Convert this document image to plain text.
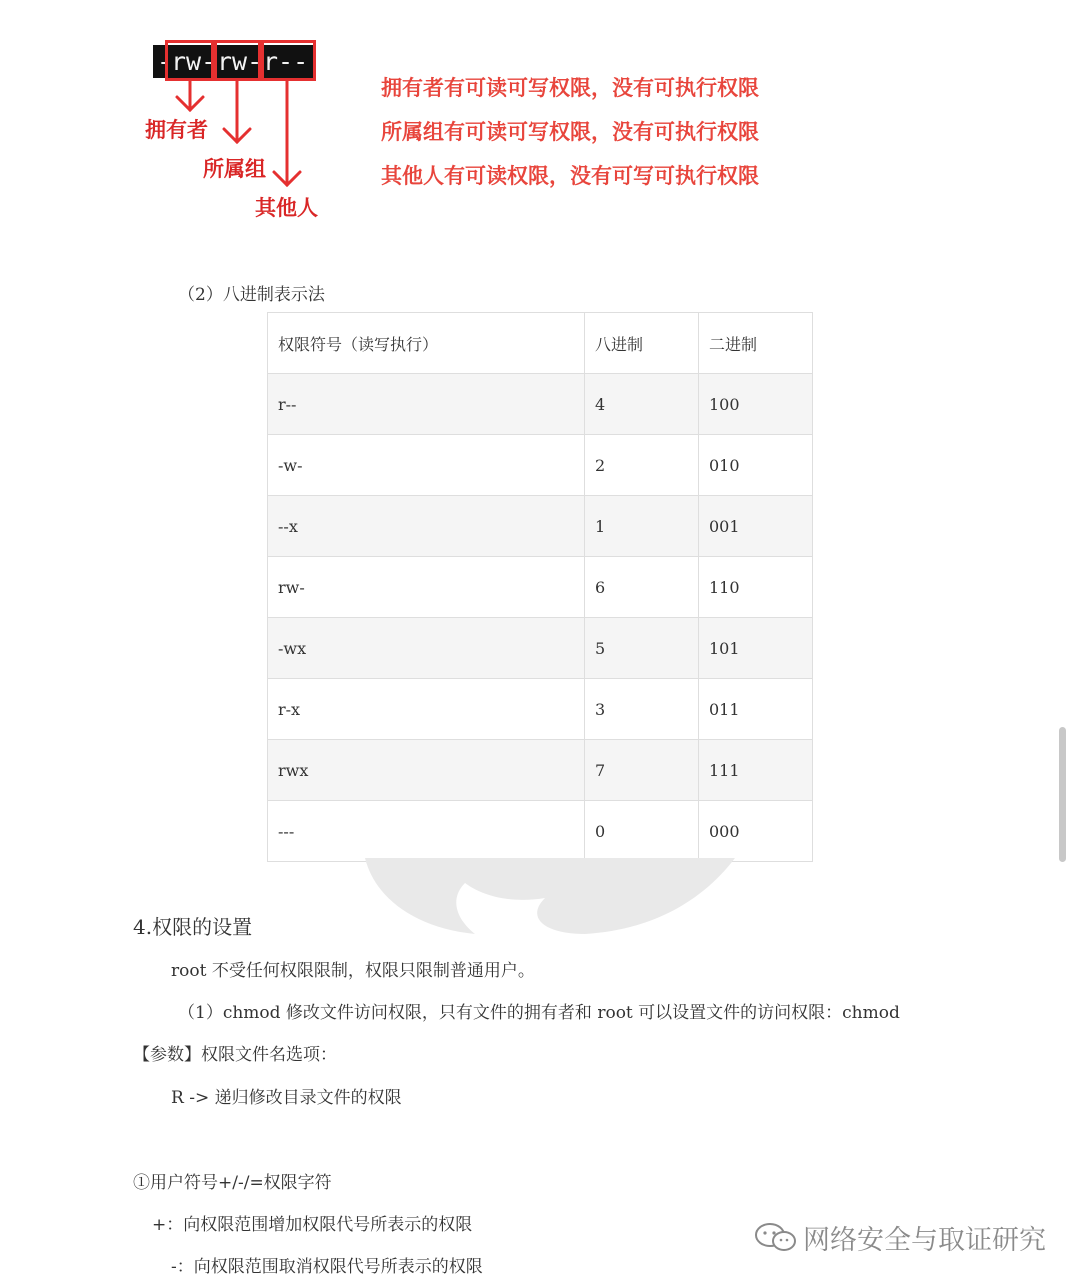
-
rw- rw- r--
拥有者
所属组
其他人
拥有者有可读可写权限，没有可执行权限
所属组有可读可写权限，没有可执行权限
其他人有可读权限，没有可写可执行权限
（2）八进制表示法
权限符号（读写执行）	八进制	二进制
r--	4	100
-w-	2	010
--x	1	001
rw-	6	110
-wx	5	101
r-x	3	011
rwx	7	111
---	0	000
4.权限的设置
root 不受任何权限限制，权限只限制普通用户。
（1）chmod 修改文件访问权限，只有文件的拥有者和 root 可以设置文件的访问权限：chmod
【参数】权限文件名选项：
R -> 递归修改目录文件的权限
①用户符号+/-/=权限字符
+：向权限范围增加权限代号所表示的权限
-：向权限范围取消权限代号所表示的权限
网络安全与取证研究
